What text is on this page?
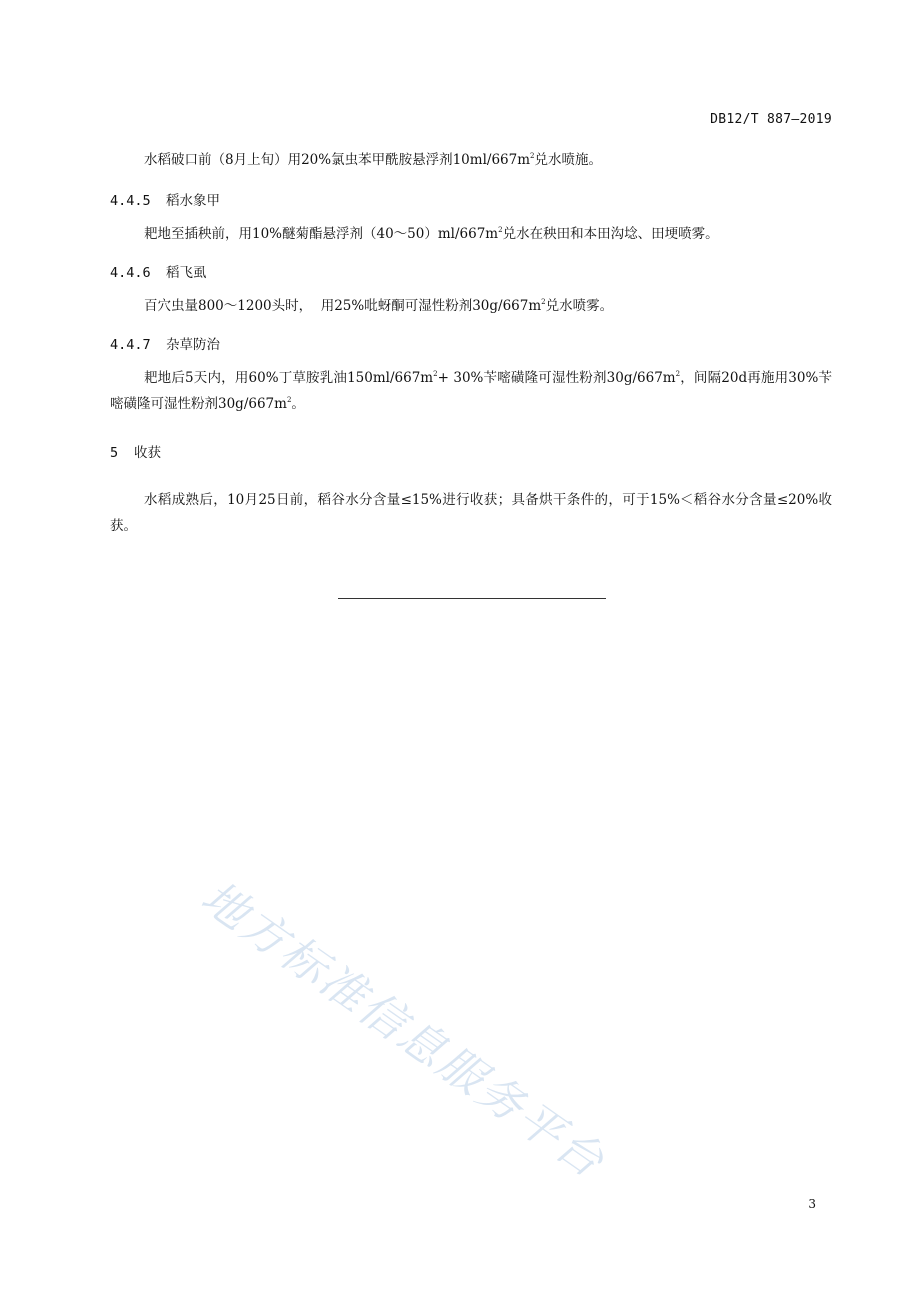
DB12/T 887—2019
水稻破口前（8月上旬）用20%氯虫苯甲酰胺悬浮剂$10ml/667m^2$兑水喷施。
4.4.5 稻水象甲
耙地至插秧前，用10%醚菊酯悬浮剂$(40\sim 50)ml/667m^2$兑水在秧田和本田沟埝、田埂喷雾。
4.4.6 稻飞虱
百穴虫量800～1200头时，  用25%吡蚜酮可湿性粉剂$30g/667m^2$兑水喷雾。
4.4.7 杂草防治
耙地后5天内，用60%丁草胺乳油$150ml/667m^2+ 30\%$苄嘧磺隆可湿性粉剂$30g/667m^2$，间隔20d再施用30%苄嘧磺隆可湿性粉剂$30g/667m^2$。
5 收获
水稻成熟后，10月25日前，稻谷水分含量≤15%进行收获；具备烘干条件的，可于15%＜稻谷水分含量≤20%收获。
地方标准信息服务平台
3
